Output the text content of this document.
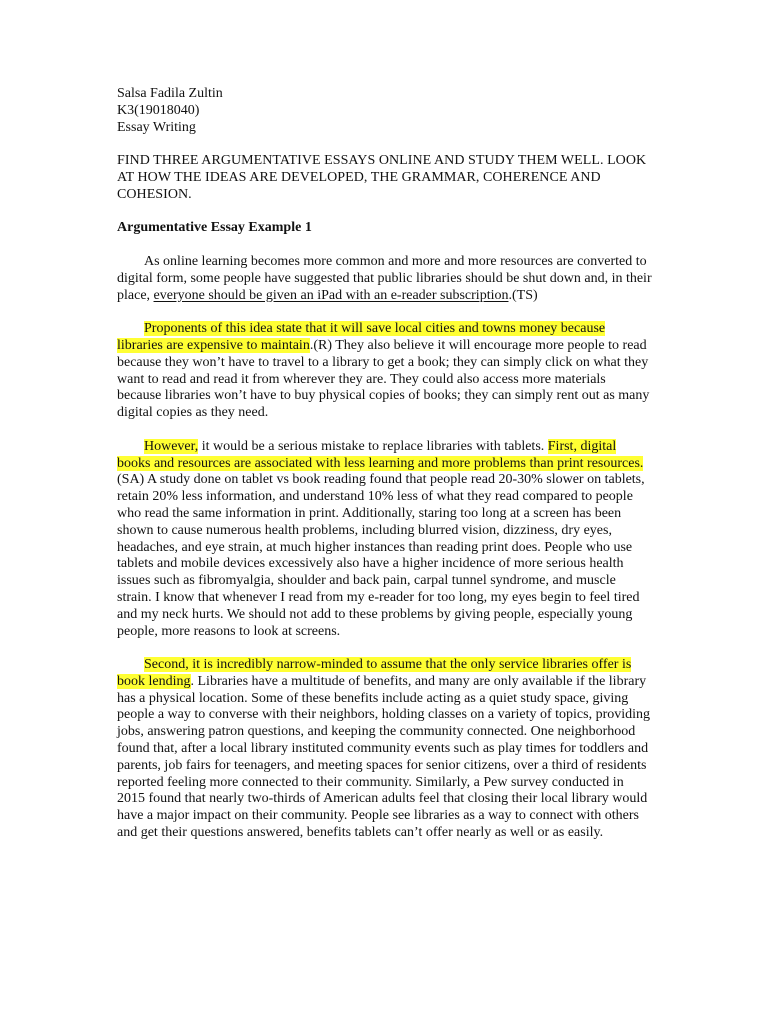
Salsa Fadila Zultin
K3(19018040)
Essay Writing

FIND THREE ARGUMENTATIVE ESSAYS ONLINE AND STUDY THEM WELL. LOOK AT HOW THE IDEAS ARE DEVELOPED, THE GRAMMAR, COHERENCE AND COHESION.

Argumentative Essay Example 1

As online learning becomes more common and more and more resources are converted to digital form, some people have suggested that public libraries should be shut down and, in their place, everyone should be given an iPad with an e-reader subscription.(TS)

Proponents of this idea state that it will save local cities and towns money because libraries are expensive to maintain.(R) They also believe it will encourage more people to read because they won’t have to travel to a library to get a book; they can simply click on what they want to read and read it from wherever they are. They could also access more materials because libraries won’t have to buy physical copies of books; they can simply rent out as many digital copies as they need.

However, it would be a serious mistake to replace libraries with tablets. First, digital books and resources are associated with less learning and more problems than print resources.(SA) A study done on tablet vs book reading found that people read 20-30% slower on tablets, retain 20% less information, and understand 10% less of what they read compared to people who read the same information in print. Additionally, staring too long at a screen has been shown to cause numerous health problems, including blurred vision, dizziness, dry eyes, headaches, and eye strain, at much higher instances than reading print does. People who use tablets and mobile devices excessively also have a higher incidence of more serious health issues such as fibromyalgia, shoulder and back pain, carpal tunnel syndrome, and muscle strain. I know that whenever I read from my e-reader for too long, my eyes begin to feel tired and my neck hurts. We should not add to these problems by giving people, especially young people, more reasons to look at screens.

Second, it is incredibly narrow-minded to assume that the only service libraries offer is book lending. Libraries have a multitude of benefits, and many are only available if the library has a physical location. Some of these benefits include acting as a quiet study space, giving people a way to converse with their neighbors, holding classes on a variety of topics, providing jobs, answering patron questions, and keeping the community connected. One neighborhood found that, after a local library instituted community events such as play times for toddlers and parents, job fairs for teenagers, and meeting spaces for senior citizens, over a third of residents reported feeling more connected to their community. Similarly, a Pew survey conducted in 2015 found that nearly two-thirds of American adults feel that closing their local library would have a major impact on their community. People see libraries as a way to connect with others and get their questions answered, benefits tablets can’t offer nearly as well or as easily.
